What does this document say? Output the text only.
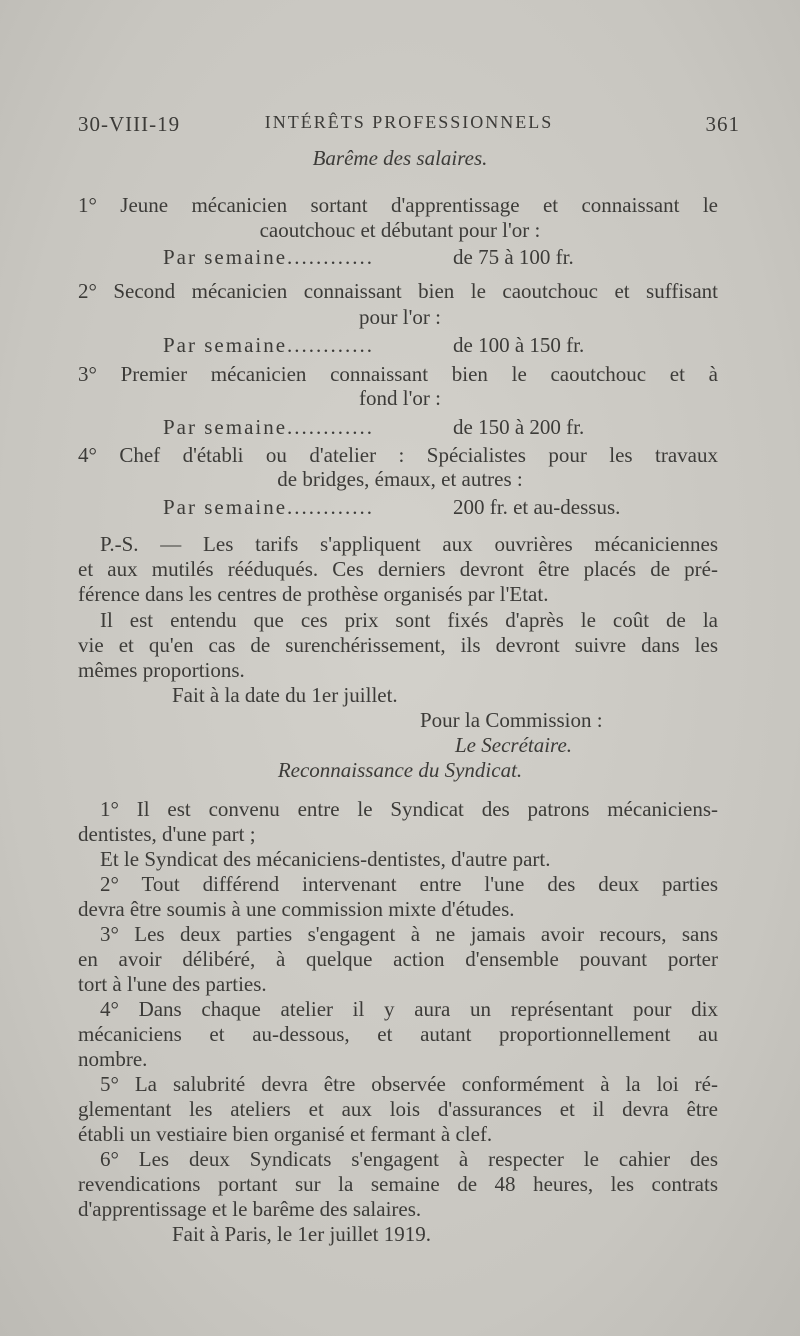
30-VIII-19	INTÉRÊTS PROFESSIONNELS	361
Barême des salaires.
1° Jeune mécanicien sortant d'apprentissage et connaissant le
caoutchouc et débutant pour l'or :
Par semaine............	de 75 à 100 fr.
2° Second mécanicien connaissant bien le caoutchouc et suffisant
pour l'or :
Par semaine............	de 100 à 150 fr.
3° Premier mécanicien connaissant bien le caoutchouc et à
fond l'or :
Par semaine............	de 150 à 200 fr.
4° Chef d'établi ou d'atelier : Spécialistes pour les travaux
de bridges, émaux, et autres :
Par semaine............	200 fr. et au-dessus.
P.-S. — Les tarifs s'appliquent aux ouvrières mécaniciennes
et aux mutilés rééduqués. Ces derniers devront être placés de pré-
férence dans les centres de prothèse organisés par l'Etat.
Il est entendu que ces prix sont fixés d'après le coût de la
vie et qu'en cas de surenchérissement, ils devront suivre dans les
mêmes proportions.
Fait à la date du 1er juillet.
Pour la Commission :
Le Secrétaire.
Reconnaissance du Syndicat.
1° Il est convenu entre le Syndicat des patrons mécaniciens-
dentistes, d'une part ;
Et le Syndicat des mécaniciens-dentistes, d'autre part.
2° Tout différend intervenant entre l'une des deux parties
devra être soumis à une commission mixte d'études.
3° Les deux parties s'engagent à ne jamais avoir recours, sans
en avoir délibéré, à quelque action d'ensemble pouvant porter
tort à l'une des parties.
4° Dans chaque atelier il y aura un représentant pour dix
mécaniciens et au-dessous, et autant proportionnellement au
nombre.
5° La salubrité devra être observée conformément à la loi ré-
glementant les ateliers et aux lois d'assurances et il devra être
établi un vestiaire bien organisé et fermant à clef.
6° Les deux Syndicats s'engagent à respecter le cahier des
revendications portant sur la semaine de 48 heures, les contrats
d'apprentissage et le barême des salaires.
Fait à Paris, le 1er juillet 1919.
